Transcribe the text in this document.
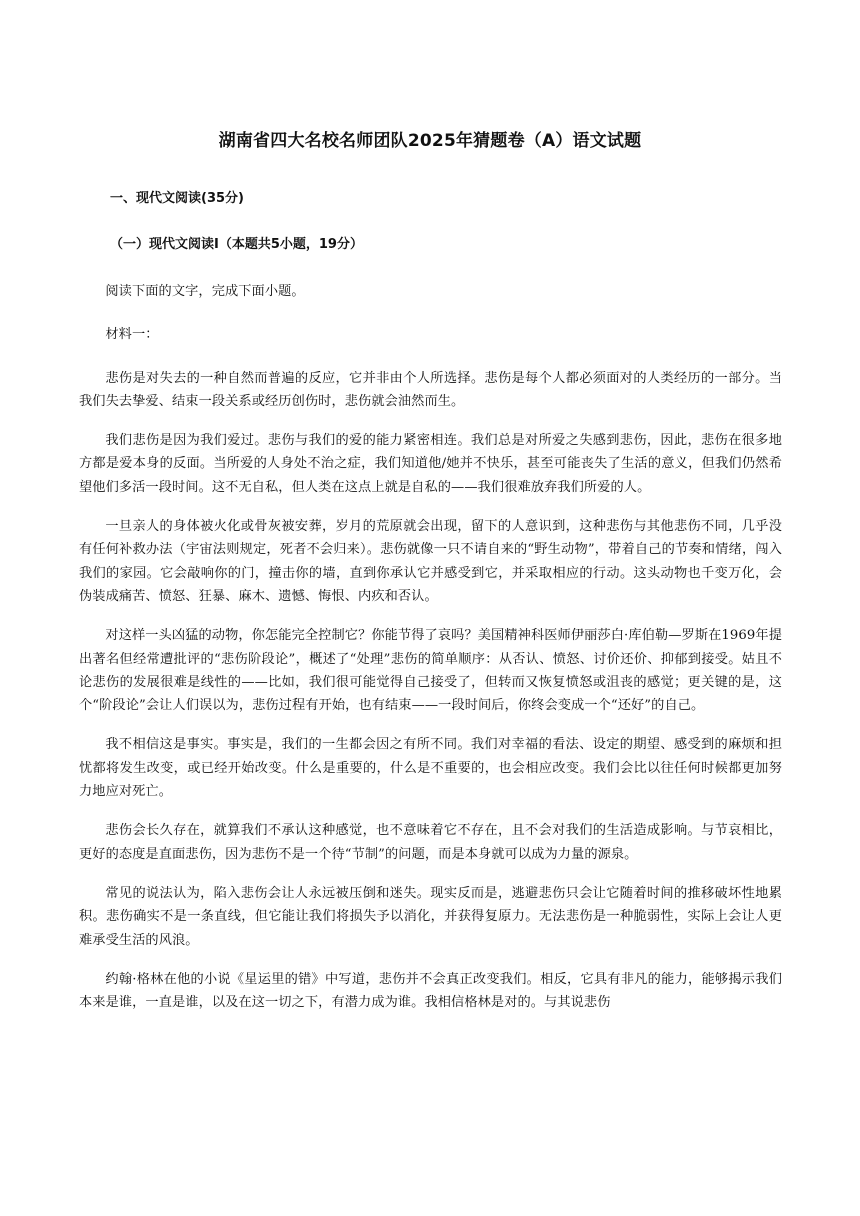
湖南省四大名校名师团队2025年猜题卷（A）语文试题
一、现代文阅读(35分)
（一）现代文阅读Ⅰ（本题共5小题，19分）

阅读下面的文字，完成下面小题。

材料一：

悲伤是对失去的一种自然而普遍的反应，它并非由个人所选择。悲伤是每个人都必须面对的人类经历的一部分。当我们失去挚爱、结束一段关系或经历创伤时，悲伤就会油然而生。

我们悲伤是因为我们爱过。悲伤与我们的爱的能力紧密相连。我们总是对所爱之失感到悲伤，因此，悲伤在很多地方都是爱本身的反面。当所爱的人身处不治之症，我们知道他/她并不快乐，甚至可能丧失了生活的意义，但我们仍然希望他们多活一段时间。这不无自私，但人类在这点上就是自私的——我们很难放弃我们所爱的人。

一旦亲人的身体被火化或骨灰被安葬，岁月的荒原就会出现，留下的人意识到，这种悲伤与其他悲伤不同，几乎没有任何补救办法（宇宙法则规定，死者不会归来）。悲伤就像一只不请自来的“野生动物”，带着自己的节奏和情绪，闯入我们的家园。它会敲响你的门，撞击你的墙，直到你承认它并感受到它，并采取相应的行动。这头动物也千变万化，会伪装成痛苦、愤怒、狂暴、麻木、遗憾、悔恨、内疚和否认。

对这样一头凶猛的动物，你怎能完全控制它？你能节得了哀吗？美国精神科医师伊丽莎白·库伯勒—罗斯在1969年提出著名但经常遭批评的“悲伤阶段论”，概述了“处理”悲伤的简单顺序：从否认、愤怒、讨价还价、抑郁到接受。姑且不论悲伤的发展很难是线性的——比如，我们很可能觉得自己接受了，但转而又恢复愤怒或沮丧的感觉；更关键的是，这个“阶段论”会让人们误以为，悲伤过程有开始，也有结束——一段时间后，你终会变成一个“还好”的自己。

我不相信这是事实。事实是，我们的一生都会因之有所不同。我们对幸福的看法、设定的期望、感受到的麻烦和担忧都将发生改变，或已经开始改变。什么是重要的，什么是不重要的，也会相应改变。我们会比以往任何时候都更加努力地应对死亡。

悲伤会长久存在，就算我们不承认这种感觉，也不意味着它不存在，且不会对我们的生活造成影响。与节哀相比，更好的态度是直面悲伤，因为悲伤不是一个待“节制”的问题，而是本身就可以成为力量的源泉。

常见的说法认为，陷入悲伤会让人永远被压倒和迷失。现实反而是，逃避悲伤只会让它随着时间的推移破坏性地累积。悲伤确实不是一条直线，但它能让我们将损失予以消化，并获得复原力。无法悲伤是一种脆弱性，实际上会让人更难承受生活的风浪。

约翰·格林在他的小说《星运里的错》中写道，悲伤并不会真正改变我们。相反，它具有非凡的能力，能够揭示我们本来是谁，一直是谁，以及在这一切之下，有潜力成为谁。我相信格林是对的。与其说悲伤
